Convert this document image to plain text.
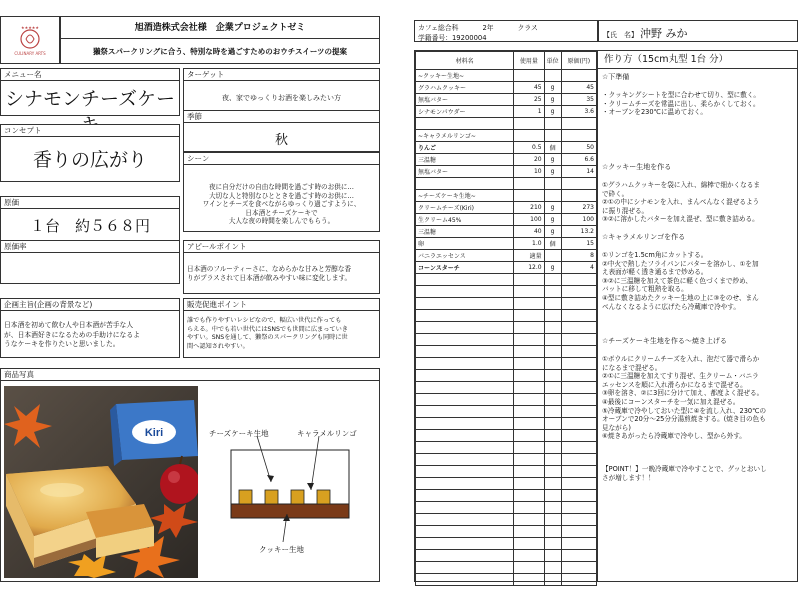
★★★★★
CULINARY ARTS
旭酒造株式会社様　企業プロジェクトゼミ
獺祭スパークリングに合う、特別な時を過ごすためのおウチスイーツの提案
メニュー名
シナモンチーズケー
ターゲット
夜、家でゆっくりお酒を楽しみたい方
季節
秋
コンセプト
香りの広がり	シーン
夜に自分だけの自由な時間を過ごす時のお供に…
大切な人と特別なひとときを過ごす時のお供に…
ワインとチーズを食べながらゆっくり過ごすように、
日本酒とチーズケーキで
大人な夜の時間を楽しんでもらう。
原価
１台　約５６８円
原価率	アピールポイント
日本酒のフルーティーさに、なめらかな甘みと芳醇な香
りがプラスされて日本酒が飲みやすい味に変化します。
企画主旨(企画の背景など)
日本酒を初めて飲む人や日本酒が苦手な人
が、日本酒好きになるための手助けになるよ
うなケーキを作りたいと思いました。
販売促進ポイント
誰でも作りやすいレシピなので、幅広い世代に作っても
らえる。中でも若い世代にはSNSでも世間に広まっていき
やすい。SNSを通して、獺祭のスパークリングも同時に世
間へ認知されやすい。
商品写真
Kiri	チーズケーキ生地	キャラメルリンゴ
クッキー生地
カフェ総合科	2年	クラス
学籍番号：19200004	【氏　名】 沖野 みか
材料名	使用量	単位	原価(円)
~クッキー生地~			
グラハムクッキー	45	g	45
無塩バター	25	g	35
シナモンパウダー	1	g	3.6

~キャラメルリンゴ~			
りんご	0.5	個	50
三温糖	20	g	6.6
無塩バター	10	g	14

~チーズケーキ生地~			
クリームチーズ(Kiri)	210	g	273
生クリーム45%	100	g	100
三温糖	40	g	13.2
卵	1.0	個	15
バニラエッセンス	適量		8
コーンスターチ	12.0	g	4

作り方（15cm丸型 1台 分）
☆下準備
・クッキングシートを型に合わせて切り、型に敷く。
・クリームチーズを常温に出し、柔らかくしておく。
・オーブンを230℃に温めておく。
☆クッキー生地を作る
①グラハムクッキーを袋に入れ、綿棒で细かくなるま
で砕く。
②①の中にシナモンを入れ、まんべんなく混ぜるよう
に振り混ぜる。
③②に溶かしたバターを加え混ぜ、型に敷き詰める。
☆キャラメルリンゴを作る
①リンゴを1.5cm角にカットする。
②中火で熱したフライパンにバターを溶かし、①を加
え表面が軽く透き通るまで炒める。
③②に三温糖を加えて茶色に軽く色づくまで炒め、
バットに移して粗熱を取る。
④型に敷き詰めたクッキー生地の上に③をのせ、まん
べんなくなるように広げたら冷蔵庫で冷やす。
☆チーズケーキ生地を作る～焼き上げる
①ボウルにクリームチーズを入れ、泡だて器で滑らか
になるまで混ぜる。
②①に三温糖を加えてすり混ぜ、生クリーム・バニラ
エッセンスを順に入れ滑らかになるまで混ぜる。
③卵を溶き、②に3回に分けて加え、都度よく混ぜる。
④最後にコーンスターチを一気に加え混ぜる。
⑤冷蔵庫で冷やしておいた型に④を流し入れ、230℃の
オーブンで20分～25分分湯煎焼きする。(焼き目の色も
見ながら)
⑥焼きあがったら冷蔵庫で冷やし、型から外す。
【POINT！】一晩冷蔵庫で冷やすことで、グッとおいし
さが増します！！
